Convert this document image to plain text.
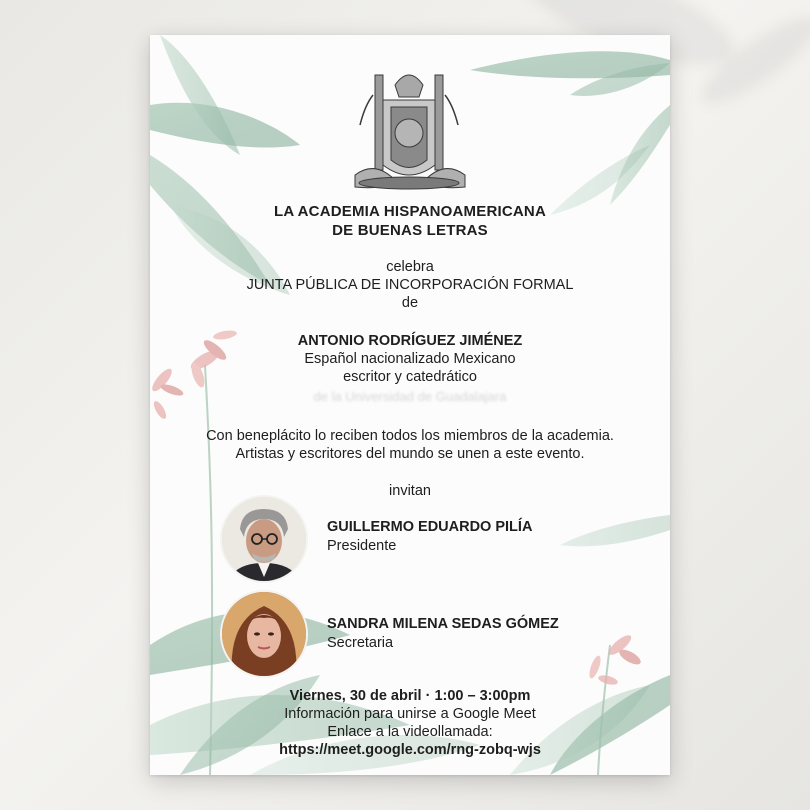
LA ACADEMIA HISPANOAMERICANA
DE BUENAS LETRAS
celebra
JUNTA PÚBLICA DE INCORPORACIÓN FORMAL
de
ANTONIO RODRÍGUEZ JIMÉNEZ
Español nacionalizado Mexicano
escritor y catedrático
de la Universidad de Guadalajara
Con beneplácito lo reciben todos los miembros de la academia.
Artistas y escritores del mundo se unen a este evento.
invitan
GUILLERMO EDUARDO PILÍA
Presidente
SANDRA MILENA SEDAS GÓMEZ
Secretaria
Viernes, 30 de abril · 1:00 – 3:00pm
Información para unirse a Google Meet
Enlace a la videollamada:
https://meet.google.com/rng-zobq-wjs
